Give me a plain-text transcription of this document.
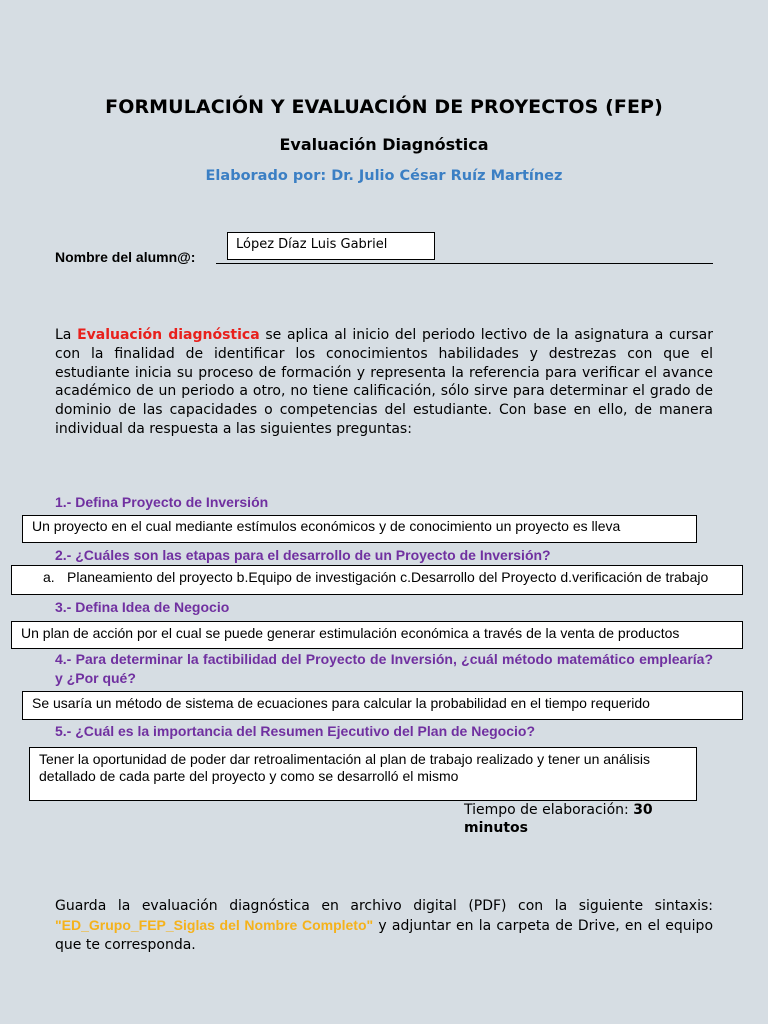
FORMULACIÓN Y EVALUACIÓN DE PROYECTOS (FEP)
Evaluación Diagnóstica
Elaborado por: Dr. Julio César Ruíz Martínez
Nombre del alumn@:
López Díaz Luis Gabriel
La Evaluación diagnóstica se aplica al inicio del periodo lectivo de la asignatura a cursar con la finalidad de identificar los conocimientos habilidades y destrezas con que el estudiante inicia su proceso de formación y representa la referencia para verificar el avance académico de un periodo a otro, no tiene calificación, sólo sirve para determinar el grado de dominio de las capacidades o competencias del estudiante. Con base en ello, de manera individual da respuesta a las siguientes preguntas:
1.- Defina Proyecto de Inversión
Un proyecto en el cual mediante estímulos económicos y de conocimiento un proyecto es lleva
2.- ¿Cuáles son las etapas para el desarrollo de un Proyecto de Inversión?
a. Planeamiento del proyecto b.Equipo de investigación c.Desarrollo del Proyecto d.verificación de trabajo
3.- Defina Idea de Negocio
Un plan de acción por el cual se puede generar estimulación económica a través de la venta de productos
4.- Para determinar la factibilidad del Proyecto de Inversión, ¿cuál método matemático emplearía? y ¿Por qué?
Se usaría un método de sistema de ecuaciones para calcular la probabilidad en el tiempo requerido
5.- ¿Cuál es la importancia del Resumen Ejecutivo del Plan de Negocio?
Tener la oportunidad de poder dar retroalimentación al plan de trabajo realizado y tener un análisis detallado de cada parte del proyecto y como se desarrolló el mismo
Tiempo de elaboración: 30 minutos
Guarda la evaluación diagnóstica en archivo digital (PDF) con la siguiente sintaxis: "ED_Grupo_FEP_Siglas del Nombre Completo" y adjuntar en la carpeta de Drive, en el equipo que te corresponda.
